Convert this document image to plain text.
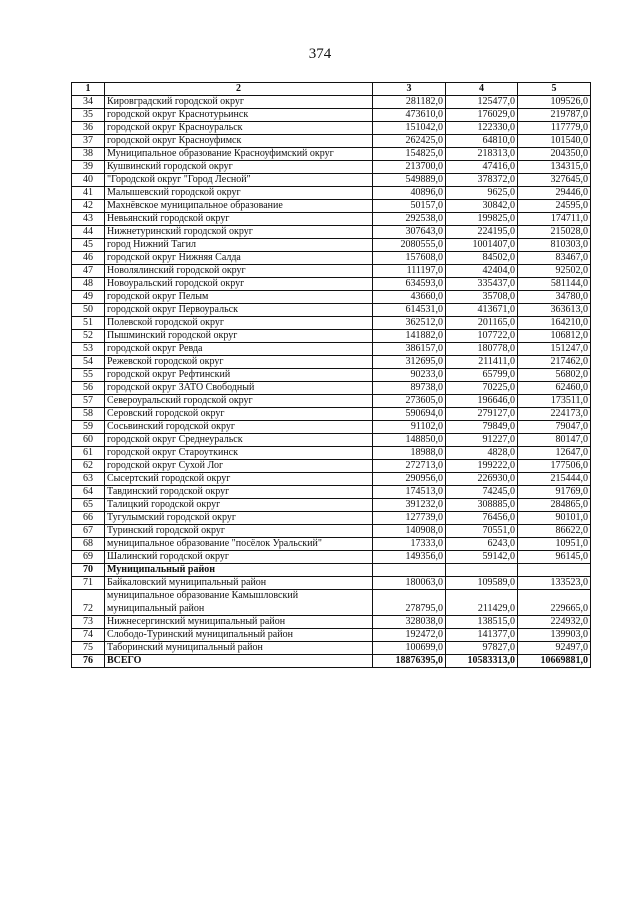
374
1	2	3	4	5
34	Кировградский городской округ	281182,0	125477,0	109526,0
35	городской округ Краснотурьинск	473610,0	176029,0	219787,0
36	городской округ Красноуральск	151042,0	122330,0	117779,0
37	городской округ Красноуфимск	262425,0	64810,0	101540,0
38	Муниципальное образование Красноуфимский округ	154825,0	218313,0	204350,0
39	Кушвинский городской округ	213700,0	47416,0	134315,0
40	"Городской округ "Город Лесной"	549889,0	378372,0	327645,0
41	Малышевский городской округ	40896,0	9625,0	29446,0
42	Махнёвское муниципальное образование	50157,0	30842,0	24595,0
43	Невьянский городской округ	292538,0	199825,0	174711,0
44	Нижнетуринский городской округ	307643,0	224195,0	215028,0
45	город Нижний Тагил	2080555,0	1001407,0	810303,0
46	городской округ Нижняя Салда	157608,0	84502,0	83467,0
47	Новолялинский городской округ	111197,0	42404,0	92502,0
48	Новоуральский городской округ	634593,0	335437,0	581144,0
49	городской округ Пелым	43660,0	35708,0	34780,0
50	городской округ Первоуральск	614531,0	413671,0	363613,0
51	Полевской городской округ	362512,0	201165,0	164210,0
52	Пышминский городской округ	141882,0	107722,0	106812,0
53	городской округ Ревда	386157,0	180778,0	151247,0
54	Режевской городской округ	312695,0	211411,0	217462,0
55	городской округ Рефтинский	90233,0	65799,0	56802,0
56	городской округ ЗАТО Свободный	89738,0	70225,0	62460,0
57	Североуральский городской округ	273605,0	196646,0	173511,0
58	Серовский городской округ	590694,0	279127,0	224173,0
59	Сосьвинский городской округ	91102,0	79849,0	79047,0
60	городской округ Среднеуральск	148850,0	91227,0	80147,0
61	городской округ Староуткинск	18988,0	4828,0	12647,0
62	городской округ Сухой Лог	272713,0	199222,0	177506,0
63	Сысертский городской округ	290956,0	226930,0	215444,0
64	Тавдинский городской округ	174513,0	74245,0	91769,0
65	Талицкий городской округ	391232,0	308885,0	284865,0
66	Тугулымский городской округ	127739,0	76456,0	90101,0
67	Туринский городской округ	140908,0	70551,0	86622,0
68	муниципальное образование "посёлок Уральский"	17333,0	6243,0	10951,0
69	Шалинский городской округ	149356,0	59142,0	96145,0
70	Муниципальный район			
71	Байкаловский муниципальный район	180063,0	109589,0	133523,0
72	муниципальное образование Камышловский муниципальный район	278795,0	211429,0	229665,0
73	Нижнесергинский муниципальный район	328038,0	138515,0	224932,0
74	Слободо-Туринский муниципальный район	192472,0	141377,0	139903,0
75	Таборинский муниципальный район	100699,0	97827,0	92497,0
76	ВСЕГО	18876395,0	10583313,0	10669881,0
